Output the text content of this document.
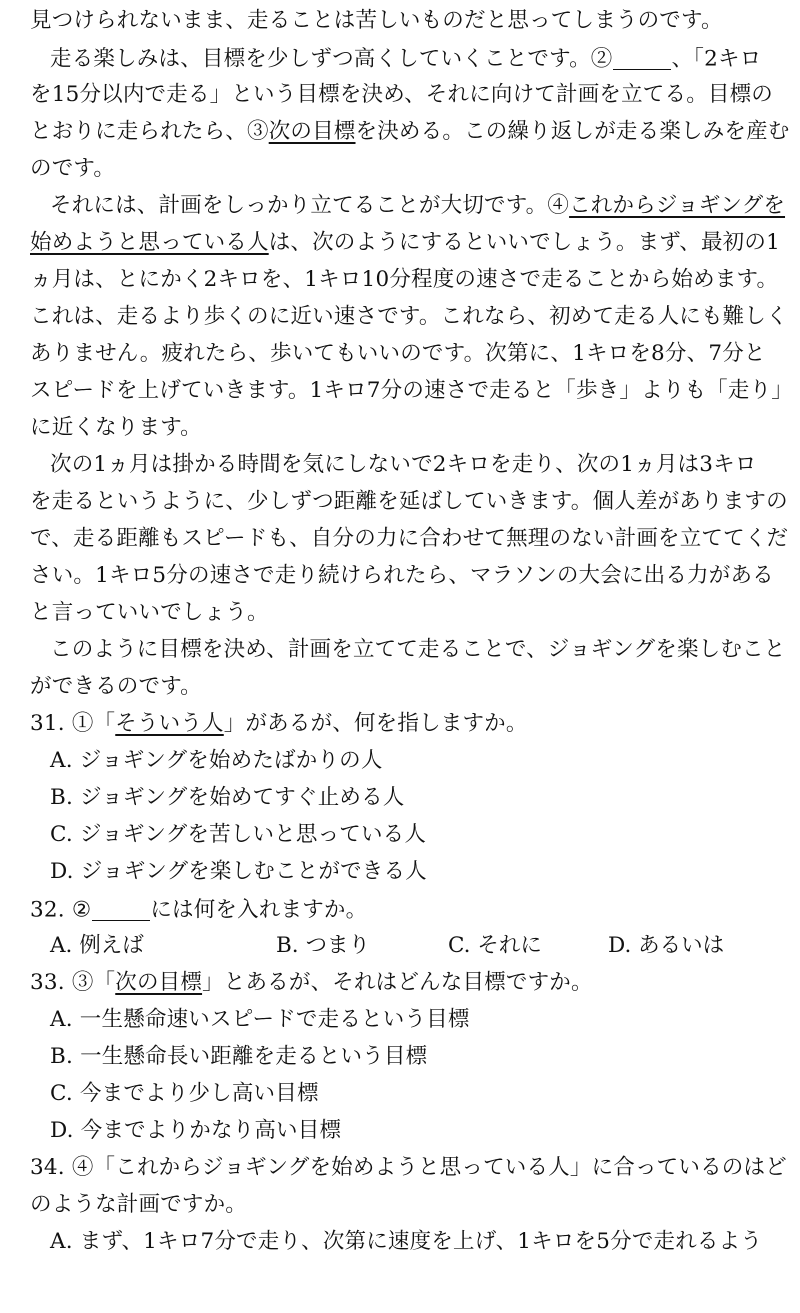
見つけられないまま、走ることは苦しいものだと思ってしまうのです。
走る楽しみは、目標を少しずつ高くしていくことです。②	、「2キロ
を15分以内で走る」という目標を決め、それに向けて計画を立てる。目標の
とおりに走られたら、③次の目標を決める。この繰り返しが走る楽しみを産む
のです。
それには、計画をしっかり立てることが大切です。④これからジョギングを
始めようと思っている人は、次のようにするといいでしょう。まず、最初の1
ヵ月は、とにかく2キロを、1キロ10分程度の速さで走ることから始めます。
これは、走るより歩くのに近い速さです。これなら、初めて走る人にも難しく
ありません。疲れたら、歩いてもいいのです。次第に、1キロを8分、7分と
スピードを上げていきます。1キロ7分の速さで走ると「歩き」よりも「走り」
に近くなります。
次の1ヵ月は掛かる時間を気にしないで2キロを走り、次の1ヵ月は3キロ
を走るというように、少しずつ距離を延ばしていきます。個人差がありますの
で、走る距離もスピードも、自分の力に合わせて無理のない計画を立ててくだ
さい。1キロ5分の速さで走り続けられたら、マラソンの大会に出る力がある
と言っていいでしょう。
このように目標を決め、計画を立てて走ることで、ジョギングを楽しむこと
ができるのです。
31. ①「そういう人」があるが、何を指しますか。
A. ジョギングを始めたばかりの人
B. ジョギングを始めてすぐ止める人
C. ジョギングを苦しいと思っている人
D. ジョギングを楽しむことができる人
32. ②	には何を入れますか。
A. 例えば	B. つまり	C. それに	D. あるいは
33. ③「次の目標」とあるが、それはどんな目標ですか。
A. 一生懸命速いスピードで走るという目標
B. 一生懸命長い距離を走るという目標
C. 今までより少し高い目標
D. 今までよりかなり高い目標
34. ④「これからジョギングを始めようと思っている人」に合っているのはど
のような計画ですか。
A. まず、1キロ7分で走り、次第に速度を上げ、1キロを5分で走れるよう
